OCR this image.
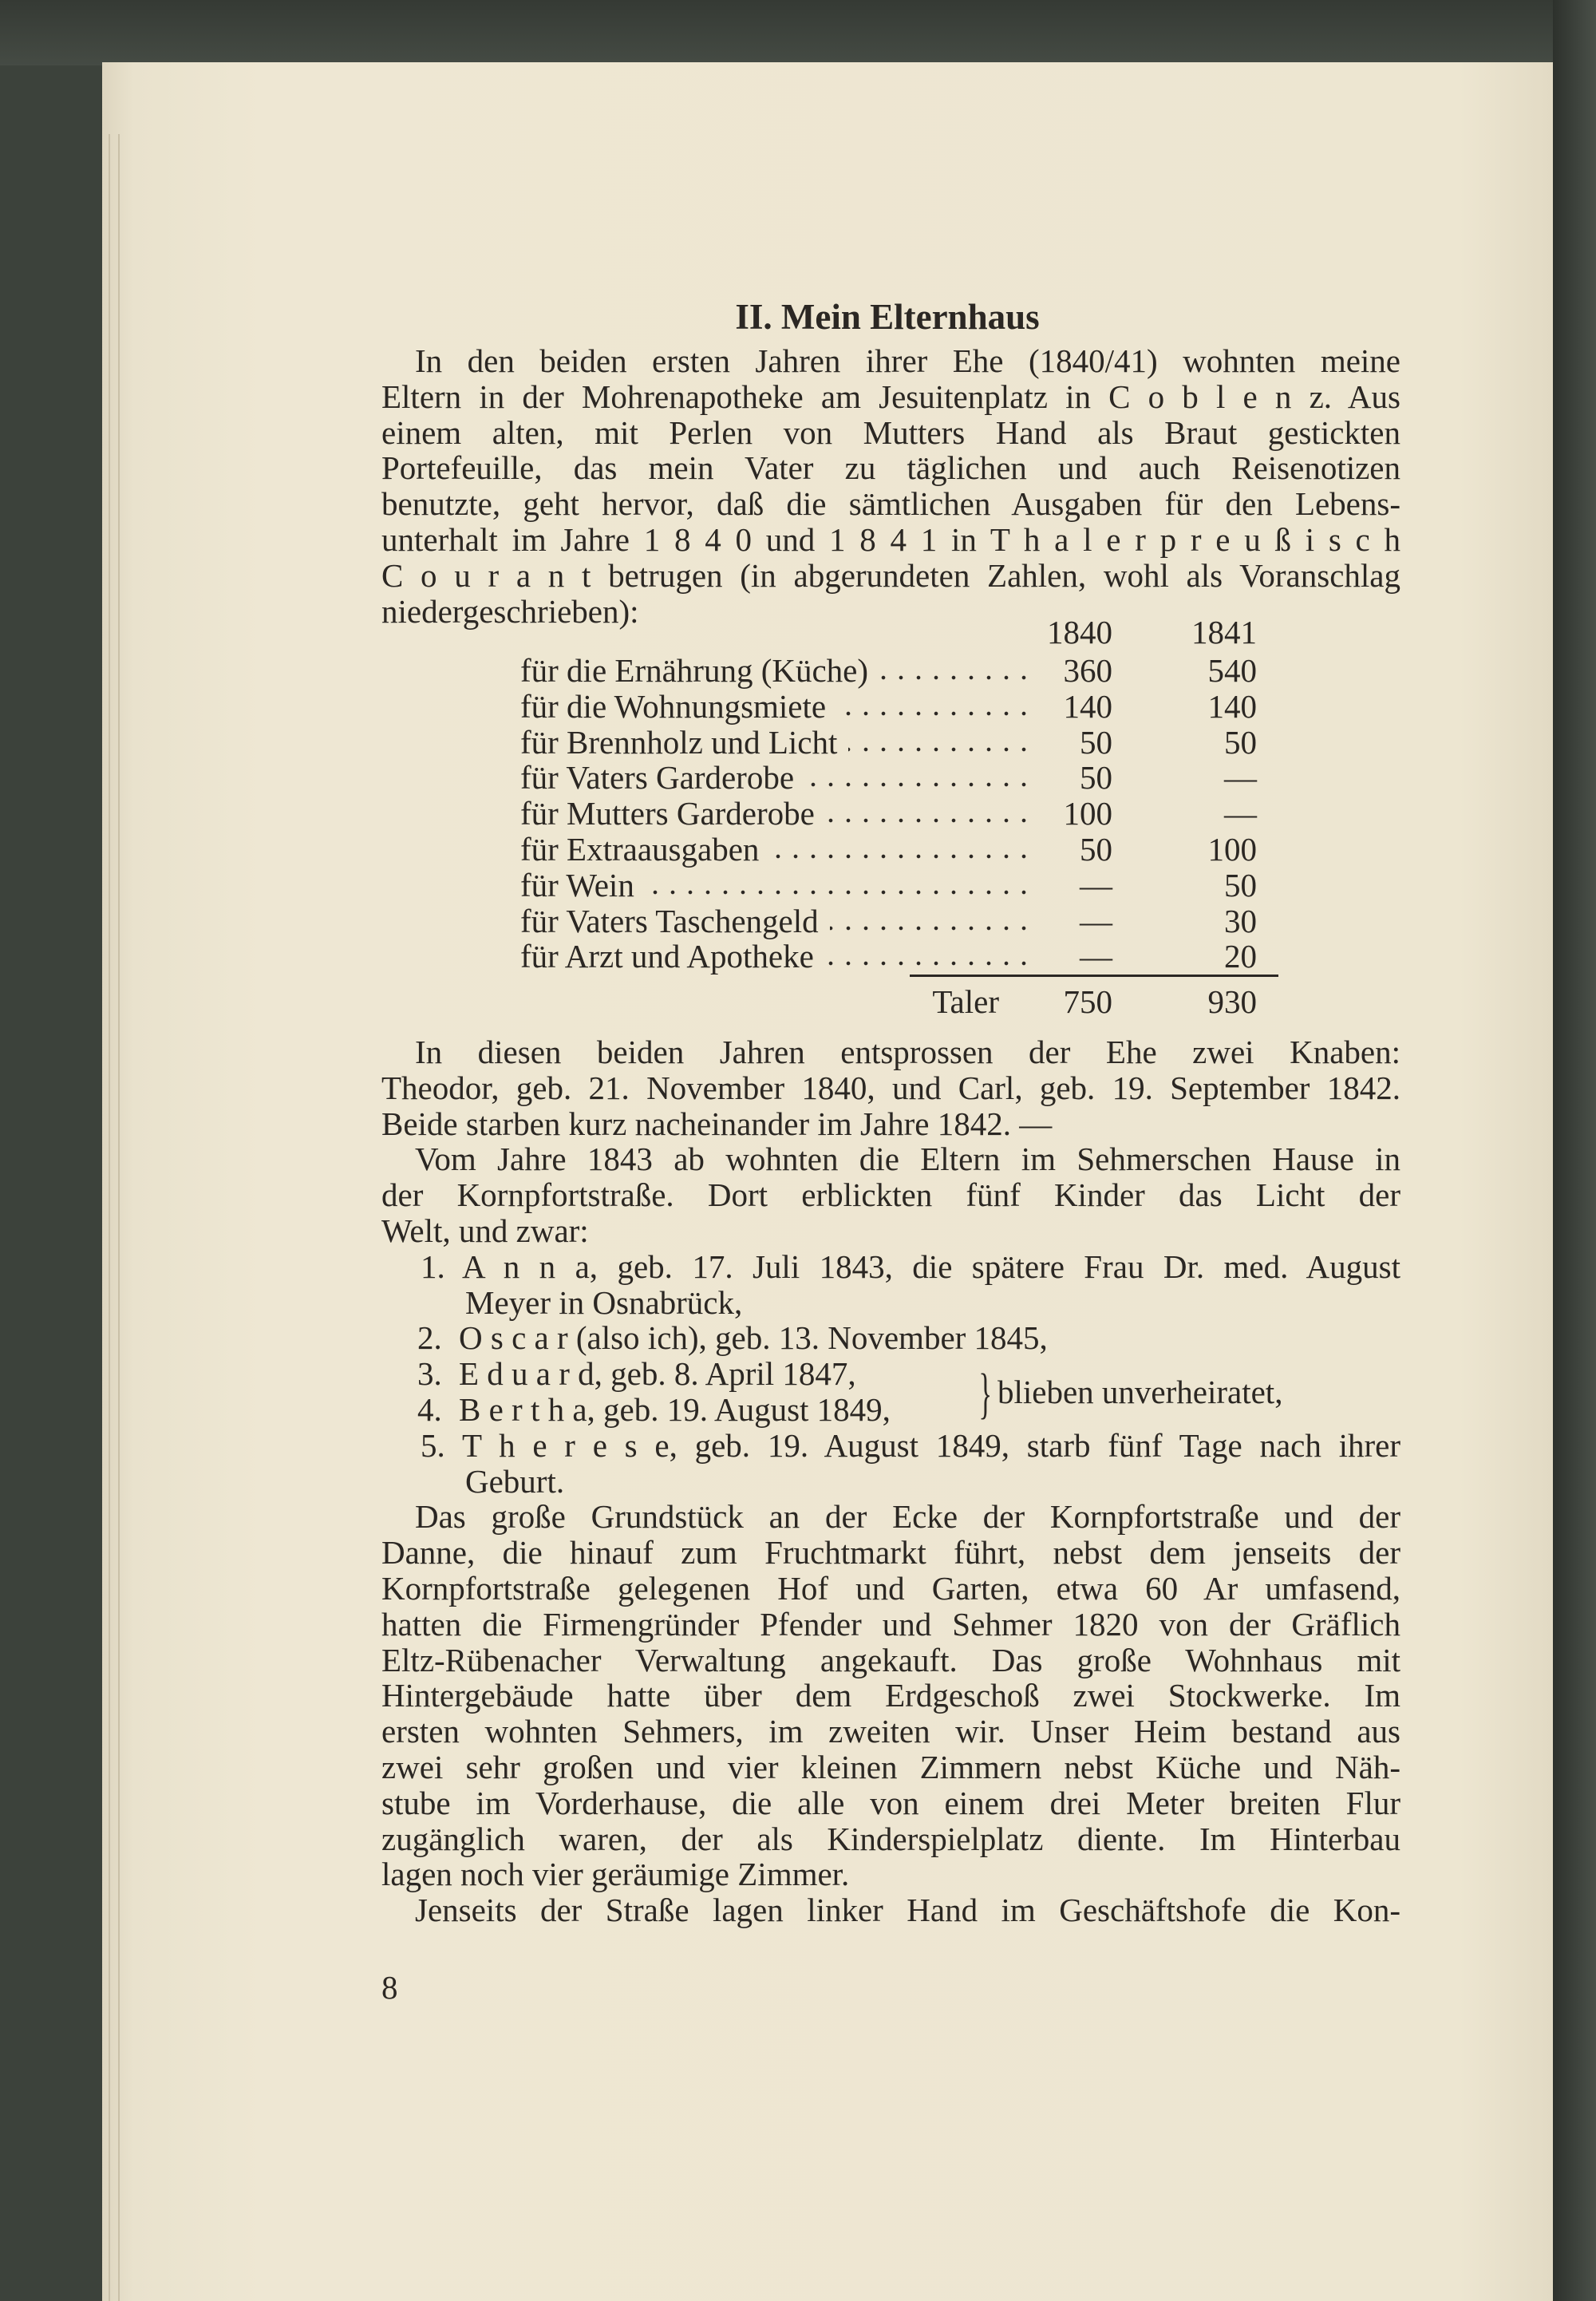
II. Mein Elternhaus
In den beiden ersten Jahren ihrer Ehe (1840/41) wohnten meine
Eltern in der Mohrenapotheke am Jesuitenplatz in C o b l e n z. Aus
einem alten, mit Perlen von Mutters Hand als Braut gestickten
Portefeuille, das mein Vater zu täglichen und auch Reisenotizen
benutzte, geht hervor, daß die sämtlichen Ausgaben für den Lebens-
unterhalt im Jahre 1 8 4 0 und 1 8 4 1 in T h a l e r p r e u ß i s c h
C o u r a n t betrugen (in abgerundeten Zahlen, wohl als Voranschlag
niedergeschrieben):
1840	1841
für die Ernährung (Küche)	360	540
für die Wohnungsmiete	140	140
für Brennholz und Licht	50	50
für Vaters Garderobe	50	—
für Mutters Garderobe	100	—
für Extraausgaben	50	100
für Wein	—	50
für Vaters Taschengeld	—	30
für Arzt und Apotheke	—	20
Taler	750	930
In diesen beiden Jahren entsprossen der Ehe zwei Knaben:
Theodor, geb. 21. November 1840, und Carl, geb. 19. September 1842.
Beide starben kurz nacheinander im Jahre 1842. —
Vom Jahre 1843 ab wohnten die Eltern im Sehmerschen Hause in
der Kornpfortstraße. Dort erblickten fünf Kinder das Licht der
Welt, und zwar:
1. A n n a, geb. 17. Juli 1843, die spätere Frau Dr. med. August
Meyer in Osnabrück,
2. O s c a r (also ich), geb. 13. November 1845,
3. E d u a r d, geb. 8. April 1847,
4. B e r t h a, geb. 19. August 1849,
5. T h e r e s e, geb. 19. August 1849, starb fünf Tage nach ihrer
Geburt.
Das große Grundstück an der Ecke der Kornpfortstraße und der
Danne, die hinauf zum Fruchtmarkt führt, nebst dem jenseits der
Kornpfortstraße gelegenen Hof und Garten, etwa 60 Ar umfasend,
hatten die Firmengründer Pfender und Sehmer 1820 von der Gräflich
Eltz-Rübenacher Verwaltung angekauft. Das große Wohnhaus mit
Hintergebäude hatte über dem Erdgeschoß zwei Stockwerke. Im
ersten wohnten Sehmers, im zweiten wir. Unser Heim bestand aus
zwei sehr großen und vier kleinen Zimmern nebst Küche und Näh-
stube im Vorderhause, die alle von einem drei Meter breiten Flur
zugänglich waren, der als Kinderspielplatz diente. Im Hinterbau
lagen noch vier geräumige Zimmer.
Jenseits der Straße lagen linker Hand im Geschäftshofe die Kon-
} blieben unverheiratet,
8
